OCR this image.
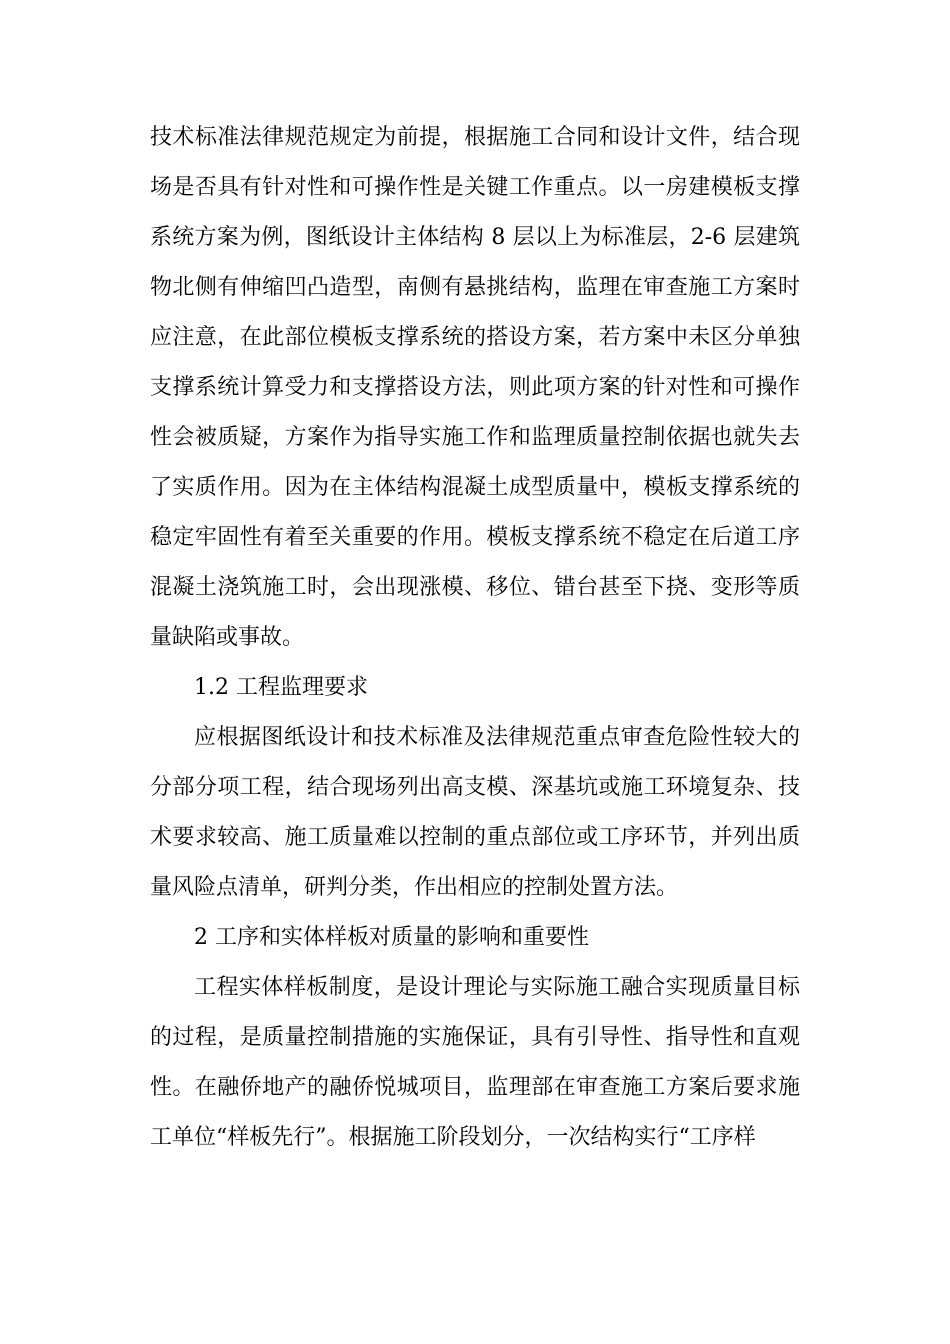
技术标准法律规范规定为前提，根据施工合同和设计文件，结合现
场是否具有针对性和可操作性是关键工作重点。以一房建模板支撑
系统方案为例，图纸设计主体结构 8 层以上为标准层，2-6 层建筑
物北侧有伸缩凹凸造型，南侧有悬挑结构，监理在审查施工方案时
应注意，在此部位模板支撑系统的搭设方案，若方案中未区分单独
支撑系统计算受力和支撑搭设方法，则此项方案的针对性和可操作
性会被质疑，方案作为指导实施工作和监理质量控制依据也就失去
了实质作用。因为在主体结构混凝土成型质量中，模板支撑系统的
稳定牢固性有着至关重要的作用。模板支撑系统不稳定在后道工序
混凝土浇筑施工时，会出现涨模、移位、错台甚至下挠、变形等质
量缺陷或事故。
1.2 工程监理要求
应根据图纸设计和技术标准及法律规范重点审查危险性较大的
分部分项工程，结合现场列出高支模、深基坑或施工环境复杂、技
术要求较高、施工质量难以控制的重点部位或工序环节，并列出质
量风险点清单，研判分类，作出相应的控制处置方法。
2 工序和实体样板对质量的影响和重要性
工程实体样板制度，是设计理论与实际施工融合实现质量目标
的过程，是质量控制措施的实施保证，具有引导性、指导性和直观
性。在融侨地产的融侨悦城项目，监理部在审查施工方案后要求施
工单位“样板先行”。根据施工阶段划分，一次结构实行“工序样
